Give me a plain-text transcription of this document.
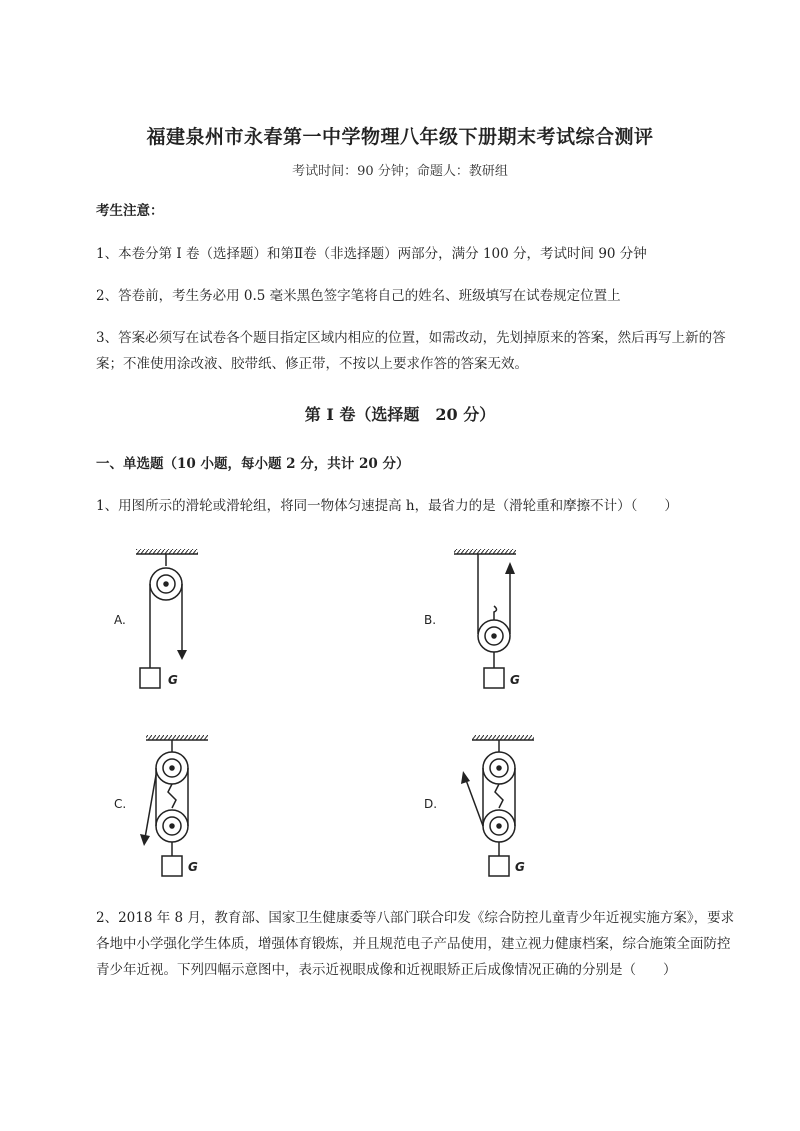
福建泉州市永春第一中学物理八年级下册期末考试综合测评
考试时间：90 分钟；命题人：教研组
考生注意：
1、本卷分第 I 卷（选择题）和第Ⅱ卷（非选择题）两部分，满分 100 分，考试时间 90 分钟
2、答卷前，考生务必用 0.5 毫米黑色签字笔将自己的姓名、班级填写在试卷规定位置上
3、答案必须写在试卷各个题目指定区域内相应的位置，如需改动，先划掉原来的答案，然后再写上新的答案；不准使用涂改液、胶带纸、修正带，不按以上要求作答的答案无效。
第 I 卷（选择题　20 分）
一、单选题（10 小题，每小题 2 分，共计 20 分）
1、用图所示的滑轮或滑轮组，将同一物体匀速提高 h，最省力的是（滑轮重和摩擦不计）（　　）
A.	B.
C.	D.
G	G
G	G
2、2018 年 8 月，教育部、国家卫生健康委等八部门联合印发《综合防控儿童青少年近视实施方案》，要求各地中小学强化学生体质，增强体育锻炼，并且规范电子产品使用，建立视力健康档案，综合施策全面防控青少年近视。下列四幅示意图中，表示近视眼成像和近视眼矫正后成像情况正确的分别是（　　）
